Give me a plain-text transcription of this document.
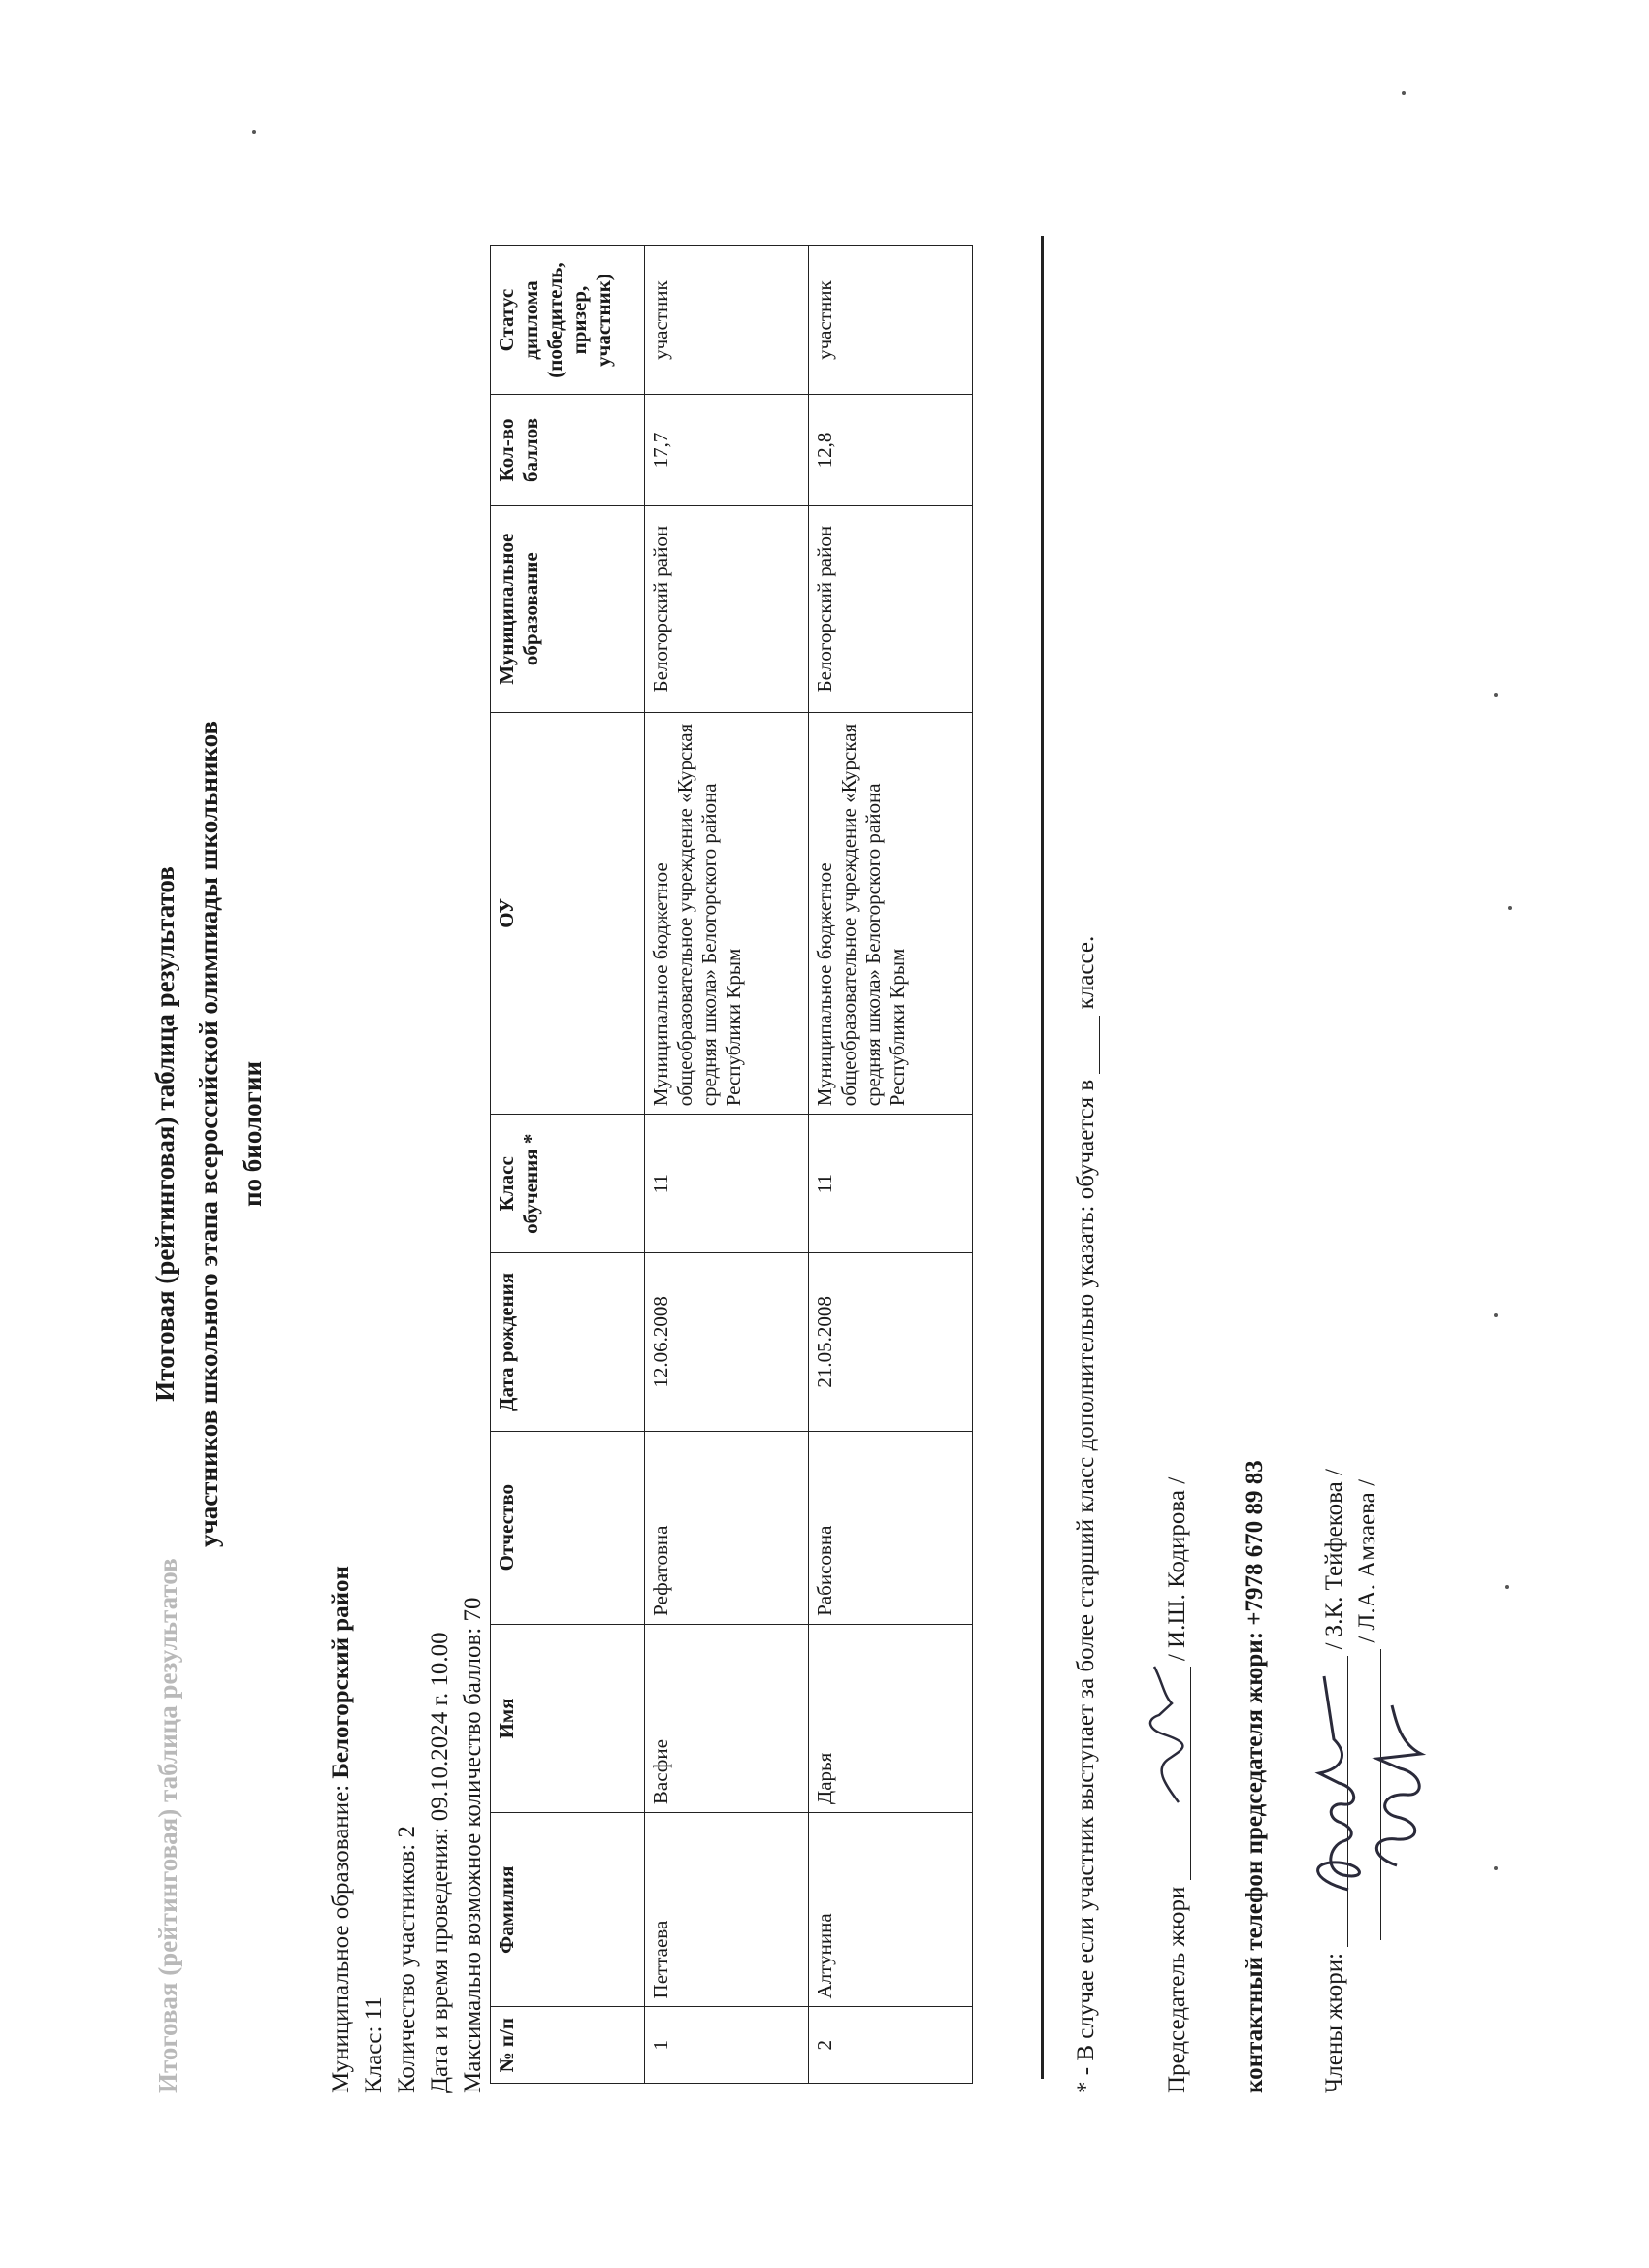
Итоговая (рейтинговая) таблица результатов
Итоговая (рейтинговая) таблица результатов участников школьного этапа всероссийской олимпиады школьников по биологии
Муниципальное образование: Белогорский район
Класс: 11 Количество участников: 2 Дата и время проведения: 09.10.2024 г. 10.00 Максимально возможное количество баллов: 70 № п/п	Фамилия	Имя	Отчество	Дата рождения	Класс обучения *	ОУ	Муниципальное образование	Кол-во баллов	Статус диплома (победитель, призер, участник)
1	Петтаева	Васфие	Рефатовна	12.06.2008	11	Муниципальное бюджетное общеобразовательное учреждение «Курская средняя школа» Белогорского района Республики Крым	Белогорский район	17,7	участник
2	Алтунина	Дарья	Рабисовна	21.05.2008	11	Муниципальное бюджетное общеобразовательное учреждение «Курская средняя школа» Белогорского района Республики Крым	Белогорский район	12,8	участник
* - В случае если участник выступает за более старший класс дополнительно указать: обучается в  классе.
Председатель жюри  / И.Ш. Кодирова /
контактный телефон председателя жюри: +7978 670 89 83
Члены жюри:  / З.К. Тейфекова / / Л.А. Амзаева /
